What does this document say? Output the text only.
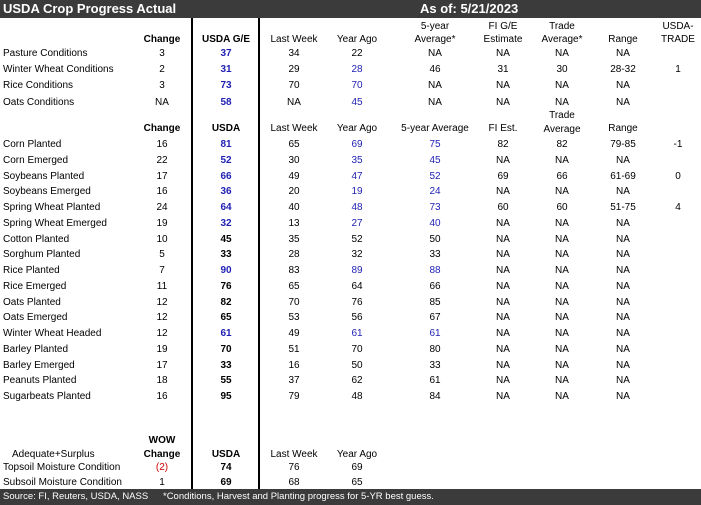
USDA Crop Progress Actual	As of: 5/21/2023
Change USDA G/E Last Week Year Ago
5-year
Average*
FI G/E
Estimate
Trade
Average*	Range
USDA-
TRADE
Pasture Conditions	3	37	34	22	NA	NA	NA	NA
Winter Wheat Conditions	2	31	29	28	46	31	30	28-32	1
Rice Conditions	3	73	70	70	NA	NA	NA	NA
Oats Conditions	NA	58	NA	45	NA	NA	NA	NA
Change	USDA	Last Week Year Ago 5-year Average FI Est.
Trade
Average	Range
Corn Planted	16	81	65	69	75	82	82	79-85	-1
Corn Emerged	22	52	30	35	45	NA	NA	NA
Soybeans Planted	17	66	49	47	52	69	66	61-69	0
Soybeans Emerged	16	36	20	19	24	NA	NA	NA
Spring Wheat Planted	24	64	40	48	73	60	60	51-75	4
Spring Wheat Emerged	19	32	13	27	40	NA	NA	NA
Cotton Planted	10	45	35	52	50	NA	NA	NA
Sorghum Planted	5	33	28	32	33	NA	NA	NA
Rice Planted	7	90	83	89	88	NA	NA	NA
Rice Emerged	11	76	65	64	66	NA	NA	NA
Oats Planted	12	82	70	76	85	NA	NA	NA
Oats Emerged	12	65	53	56	67	NA	NA	NA
Winter Wheat Headed	12	61	49	61	61	NA	NA	NA
Barley Planted	19	70	51	70	80	NA	NA	NA
Barley Emerged	17	33	16	50	33	NA	NA	NA
Peanuts Planted	18	55	37	62	61	NA	NA	NA
Sugarbeats Planted	16	95	79	48	84	NA	NA	NA
Adequate+Surplus
WOW
Change	USDA	Last Week Year Ago
Topsoil Moisture Condition	(2)	74	76	69
Subsoil Moisture Condition	1	69	68	65
Source: FI, Reuters, USDA, NASS *Conditions, Harvest and Planting progress for 5-YR best guess.
